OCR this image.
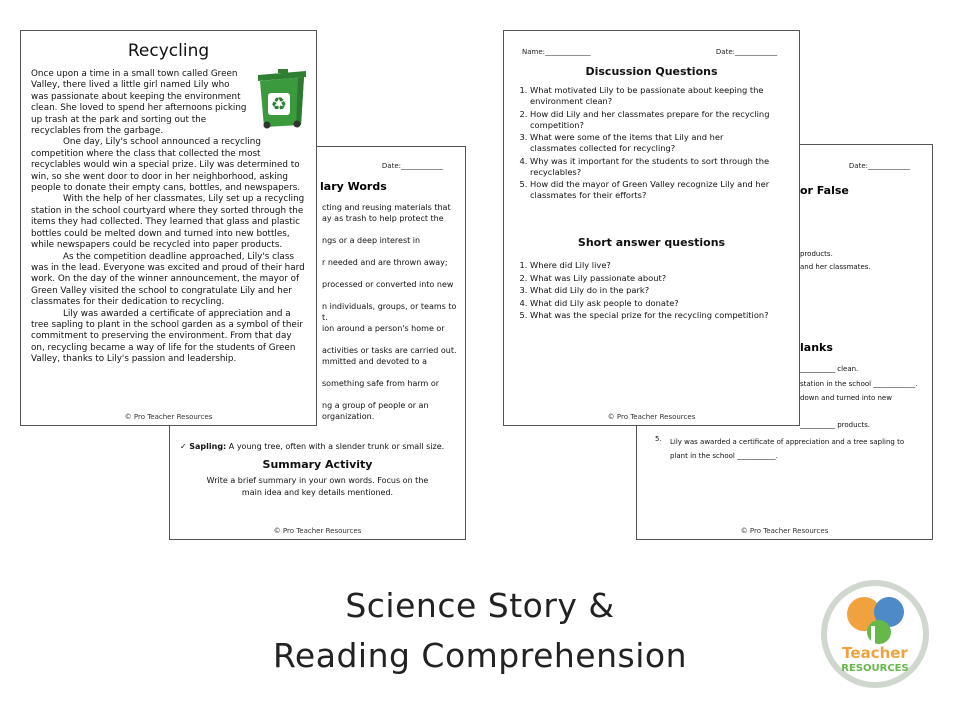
Date:____________
lary Words

cting and reusing materials that

ay as trash to help protect the

ngs or a deep interest in

r needed and are thrown away;

processed or converted into new

n individuals, groups, or teams to

t.

ion around a person's home or

activities or tasks are carried out.

mmitted and devoted to a

something safe from harm or

ng a group of people or an

organization.

✓ Sapling: A young tree, often with a slender trunk or small size.
Summary Activity
Write a brief summary in your own words. Focus on the main idea and key details mentioned.
© Pro Teacher Resources
Date:____________
or False
products.
and her classmates.
lanks
__________ clean.
station in the school ____________.
down and turned into new
__________ products.
5. Lily was awarded a certificate of appreciation and a tree sapling to plant in the school ___________.
© Pro Teacher Resources
Recycling
♻

Once upon a time in a small town called Green Valley, there lived a little girl named Lily who was passionate about keeping the environment clean. She loved to spend her afternoons picking up trash at the park and sorting out the recyclables from the garbage.

One day, Lily's school announced a recycling competition where the class that collected the most recyclables would win a special prize. Lily was determined to win, so she went door to door in her neighborhood, asking people to donate their empty cans, bottles, and newspapers.

With the help of her classmates, Lily set up a recycling station in the school courtyard where they sorted through the items they had collected. They learned that glass and plastic bottles could be melted down and turned into new bottles, while newspapers could be recycled into paper products.

As the competition deadline approached, Lily's class was in the lead. Everyone was excited and proud of their hard work. On the day of the winner announcement, the mayor of Green Valley visited the school to congratulate Lily and her classmates for their dedication to recycling.

Lily was awarded a certificate of appreciation and a tree sapling to plant in the school garden as a symbol of their commitment to preserving the environment. From that day on, recycling became a way of life for the students of Green Valley, thanks to Lily's passion and leadership.

© Pro Teacher Resources
Name:_____________	Date:____________
Discussion Questions
1. What motivated Lily to be passionate about keeping the environment clean?
2. How did Lily and her classmates prepare for the recycling competition?
3. What were some of the items that Lily and her classmates collected for recycling?
4. Why was it important for the students to sort through the recyclables?
5. How did the mayor of Green Valley recognize Lily and her classmates for their efforts?
Short answer questions
1. Where did Lily live?
2. What was Lily passionate about?
3. What did Lily do in the park?
4. What did Lily ask people to donate?
5. What was the special prize for the recycling competition?
© Pro Teacher Resources
Science Story &
Reading Comprehension	Teacher
RESOURCES
